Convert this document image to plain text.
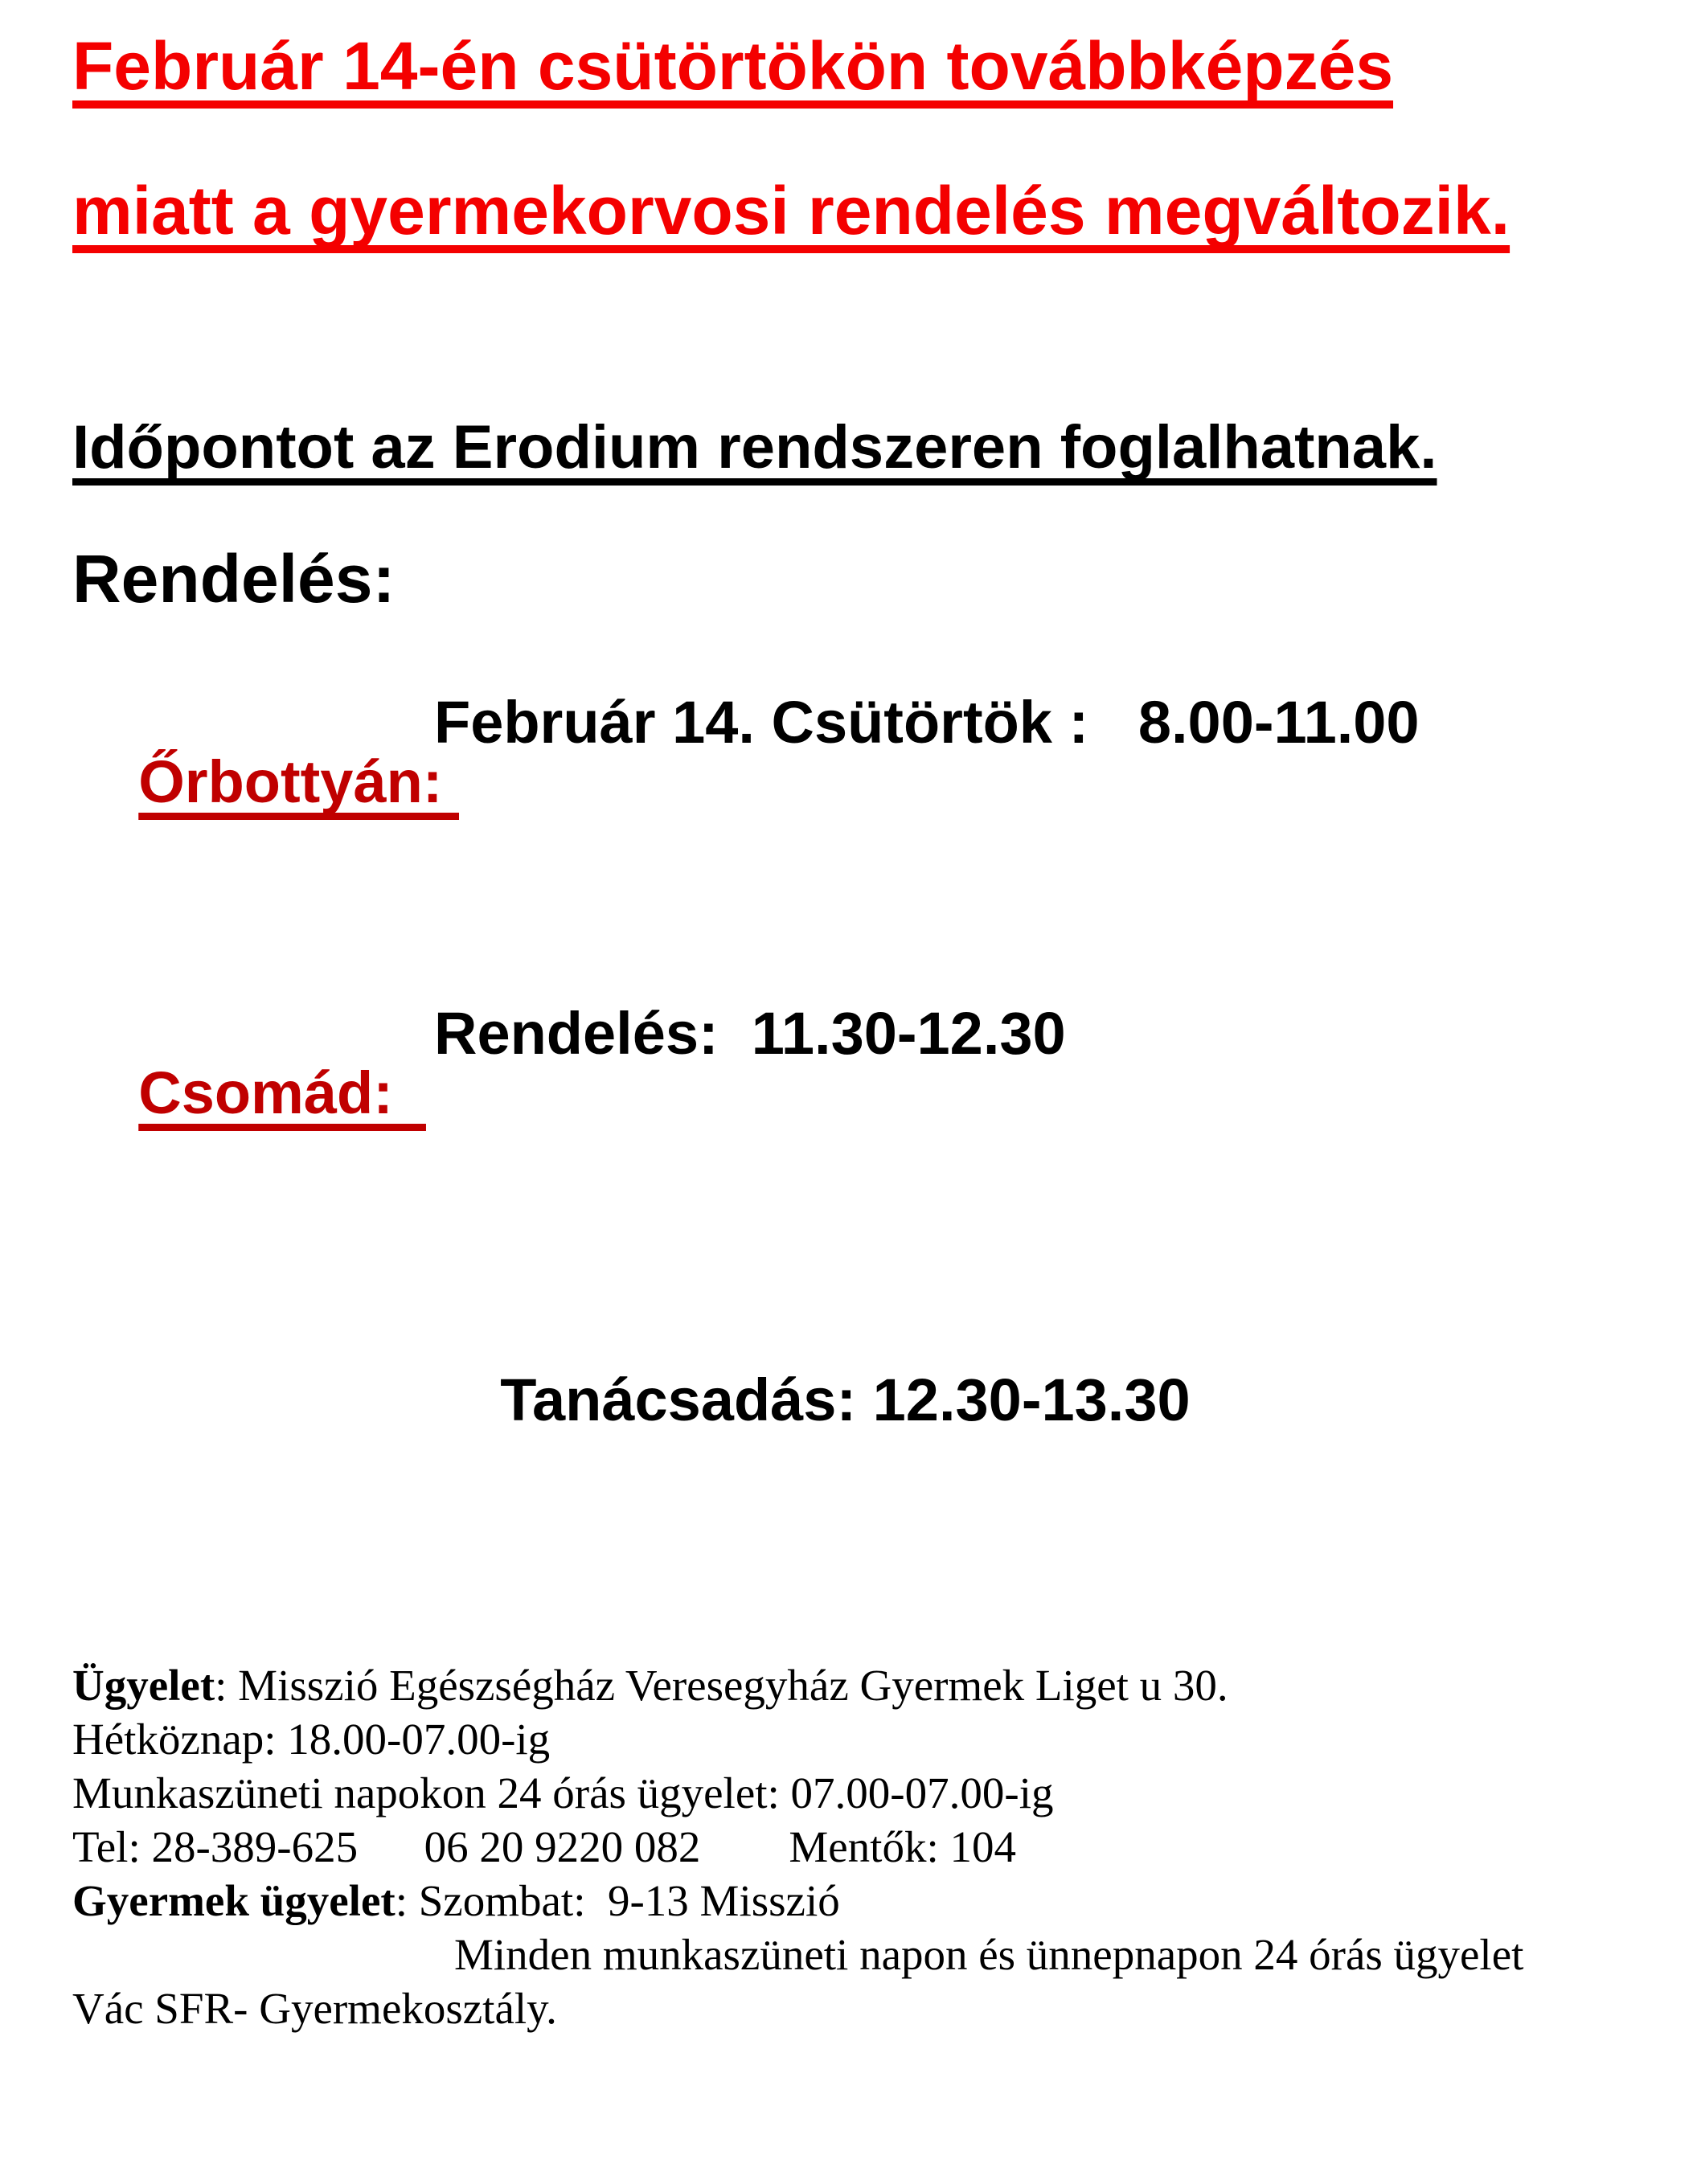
Február 14-én csütörtökön továbbképzés
miatt a gyermekorvosi rendelés megváltozik.
Időpontot az Erodium rendszeren foglalhatnak.
Rendelés:

Őrbottyán:

Február 14. Csütörtök :   8.00-11.00

Csomád:

Rendelés:  11.30-12.30

Tanácsadás: 12.30-13.30

Ügyelet: Misszió Egészségház Veresegyház Gyermek Liget u 30.
Hétköznap: 18.00-07.00-ig
Munkaszüneti napokon 24 órás ügyelet: 07.00-07.00-ig
Tel: 28-389-625      06 20 9220 082        Mentők: 104
Gyermek ügyelet: Szombat:  9-13 Misszió
Minden munkaszüneti napon és ünnepnapon 24 órás ügyelet
Vác SFR- Gyermekosztály.
